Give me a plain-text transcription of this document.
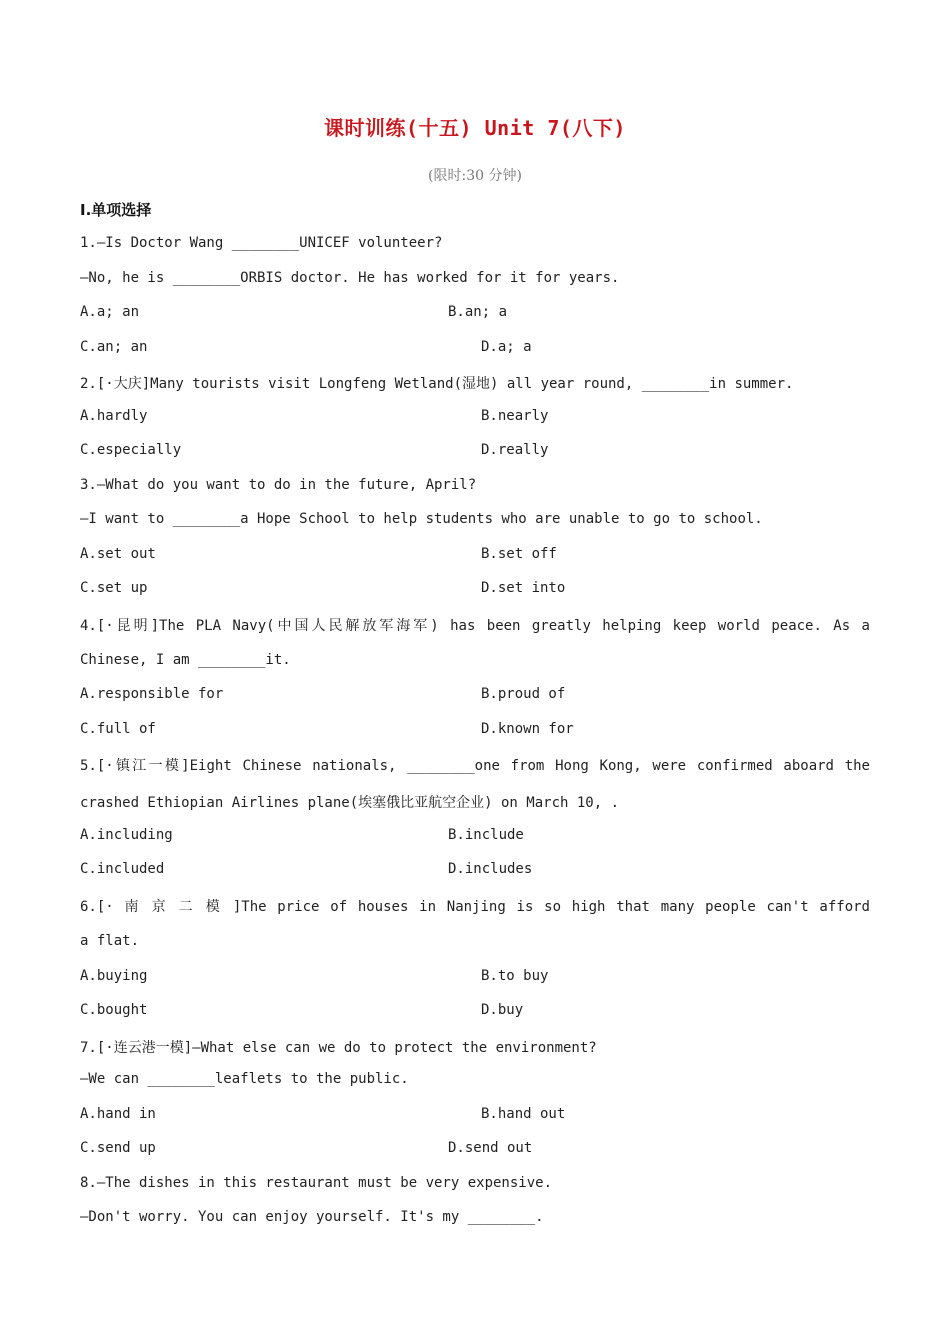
课时训练(十五) Unit 7(八下)
(限时:30 分钟)
Ⅰ.单项选择
1.—Is Doctor Wang ________UNICEF volunteer?
—No, he is ________ORBIS doctor. He has worked for it for years.
A.a; an	B.an; a
C.an; an	D.a; a
2.[·大庆]Many tourists visit Longfeng Wetland(湿地) all year round, ________in summer.
A.hardly	B.nearly
C.especially	D.really
3.—What do you want to do in the future, April?
—I want to ________a Hope School to help students who are unable to go to school.
A.set out	B.set off
C.set up	D.set into
4.[·昆明]The PLA Navy(中国人民解放军海军) has been greatly helping keep world peace. As a
Chinese, I am ________it.
A.responsible for	B.proud of
C.full of	D.known for
5.[·镇江一模]Eight Chinese nationals, ________one from Hong Kong, were confirmed aboard the
crashed Ethiopian Airlines plane(埃塞俄比亚航空企业) on March 10, .
A.including	B.include
C.included	D.includes
6.[· 南 京 二 模 ]The price of houses in Nanjing is so high that many people can't afford
a flat.
A.buying	B.to buy
C.bought	D.buy
7.[·连云港一模]—What else can we do to protect the environment?
—We can ________leaflets to the public.
A.hand in	B.hand out
C.send up	D.send out
8.—The dishes in this restaurant must be very expensive.
—Don't worry. You can enjoy yourself. It's my ________.
